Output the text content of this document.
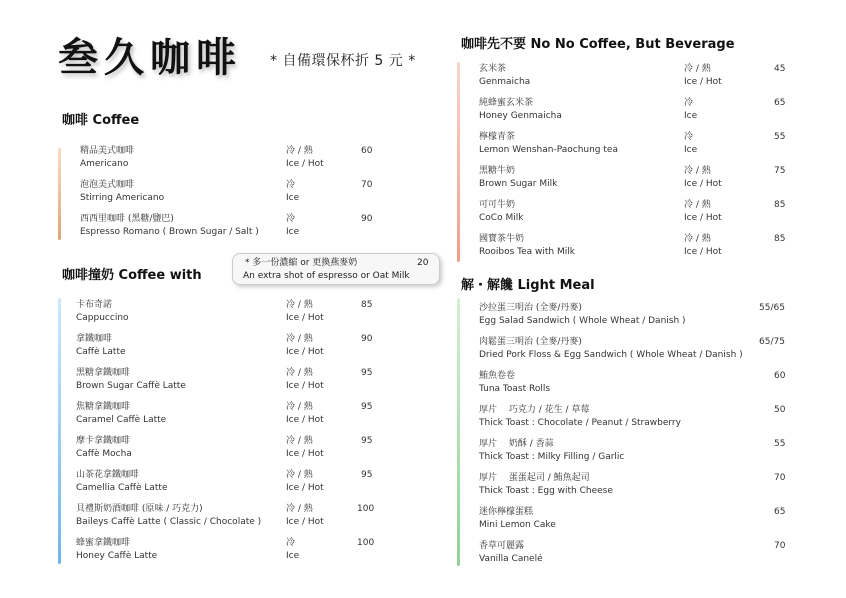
叁久咖啡 * 自備環保杯折 5 元 *
咖啡 Coffee
咖啡撞奶 Coffee with
咖啡先不要 No No Coffee, But Beverage
解・解饞 Light Meal
* 多一份濃縮 or 更換燕麥奶
An extra shot of espresso or Oat Milk
20
精品美式咖啡
Americano
冷 / 熱
Ice / Hot
60
泡泡美式咖啡
Stirring Americano
冷
Ice
70
西西里咖啡 (黑糖/鹽巴)
Espresso Romano ( Brown Sugar / Salt )
冷
Ice
90
卡布奇諾
Cappuccino
冷 / 熱
Ice / Hot
85
拿鐵咖啡
Caffè Latte
冷 / 熱
Ice / Hot
90
黑糖拿鐵咖啡
Brown Sugar Caffè Latte
冷 / 熱
Ice / Hot
95
焦糖拿鐵咖啡
Caramel Caffè Latte
冷 / 熱
Ice / Hot
95
摩卡拿鐵咖啡
Caffè Mocha
冷 / 熱
Ice / Hot
95
山茶花拿鐵咖啡
Camellia Caffè Latte
冷 / 熱
Ice / Hot
95
貝禮斯奶酒咖啡 (原味 / 巧克力)
Baileys Caffè Latte ( Classic / Chocolate )
冷 / 熱
Ice / Hot
100
蜂蜜拿鐵咖啡
Honey Caffè Latte
冷
Ice
100
玄米茶
Genmaicha
冷 / 熱
Ice / Hot
45
純蜂蜜玄米茶
Honey Genmaicha
冷
Ice
65
檸檬青茶
Lemon Wenshan-Paochung tea
冷
Ice
55
黑糖牛奶
Brown Sugar Milk
冷 / 熱
Ice / Hot
75
可可牛奶
CoCo Milk
冷 / 熱
Ice / Hot
85
國寶茶牛奶
Rooibos Tea with Milk
冷 / 熱
Ice / Hot
85
沙拉蛋三明治 (全麥/丹麥)
Egg Salad Sandwich ( Whole Wheat / Danish )
55/65
肉鬆蛋三明治 (全麥/丹麥)
Dried Pork Floss & Egg Sandwich ( Whole Wheat / Danish )
65/75
鮪魚卷卷
Tuna Toast Rolls
60
厚片　 巧克力 / 花生 / 草莓
Thick Toast : Chocolate / Peanut / Strawberry
50
厚片　 奶酥 / 香蒜
Thick Toast : Milky Filling / Garlic
55
厚片　 蛋蛋起司 / 鮪魚起司
Thick Toast : Egg with Cheese
70
迷你檸檬蛋糕
Mini Lemon Cake
65
香草可麗露
Vanilla Canelé
70
